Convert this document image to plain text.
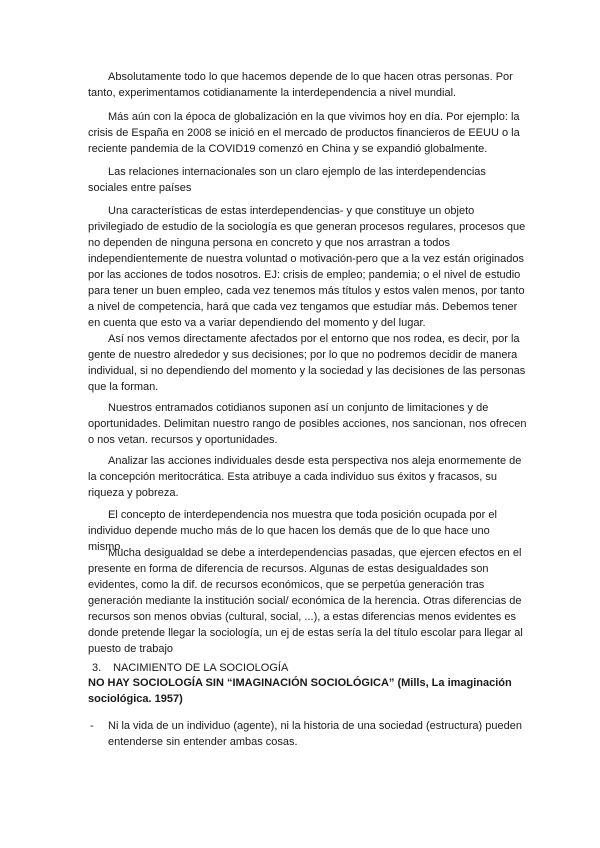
Absolutamente todo lo que hacemos depende de lo que hacen otras personas. Por tanto, experimentamos cotidianamente la interdependencia a nivel mundial.

Más aún con la época de globalización en la que vivimos hoy en día. Por ejemplo: la crisis de España en 2008 se inició en el mercado de productos financieros de EEUU o la reciente pandemia de la COVID19 comenzó en China y se expandió globalmente.

Las relaciones internacionales son un claro ejemplo de las interdependencias sociales entre países

Una características de estas interdependencias- y que constituye un objeto privilegiado de estudio de la sociología es que generan procesos regulares, procesos que no dependen de ninguna persona en concreto y que nos arrastran a todos independientemente de nuestra voluntad o motivación-pero que a la vez están originados por las acciones de todos nosotros. EJ: crisis de empleo; pandemia; o el nivel de estudio para tener un buen empleo, cada vez tenemos más títulos y estos valen menos, por tanto a nivel de competencia, hará que cada vez tengamos que estudiar más. Debemos tener en cuenta que esto va a variar dependiendo del momento y del lugar.

Así nos vemos directamente afectados por el entorno que nos rodea, es decir, por la gente de nuestro alrededor y sus decisiones; por lo que no podremos decidir de manera individual, si no dependiendo del momento y la sociedad y las decisiones de las personas que la forman.

Nuestros entramados cotidianos suponen así un conjunto de limitaciones y de oportunidades. Delimitan nuestro rango de posibles acciones, nos sancionan, nos ofrecen o nos vetan. recursos y oportunidades.

Analizar las acciones individuales desde esta perspectiva nos aleja enormemente de la concepción meritocrática. Esta atribuye a cada individuo sus éxitos y fracasos, su riqueza y pobreza.

El concepto de interdependencia nos muestra que toda posición ocupada por el individuo depende mucho más de lo que hacen los demás que de lo que hace uno mismo.

Mucha desigualdad se debe a interdependencias pasadas, que ejercen efectos en el presente en forma de diferencia de recursos. Algunas de estas desigualdades son evidentes, como la dif. de recursos económicos, que se perpetúa generación tras generación mediante la institución social/ económica de la herencia. Otras diferencias de recursos son menos obvias (cultural, social, ...), a estas diferencias menos evidentes es donde pretende llegar la sociología, un ej de estas sería la del título escolar para llegar al puesto de trabajo

3. NACIMIENTO DE LA SOCIOLOGÍA

NO HAY SOCIOLOGÍA SIN “IMAGINACIÓN SOCIOLÓGICA” (Mills, La imaginación sociológica. 1957)

- Ni la vida de un individuo (agente), ni la historia de una sociedad (estructura) pueden entenderse sin entender ambas cosas.
